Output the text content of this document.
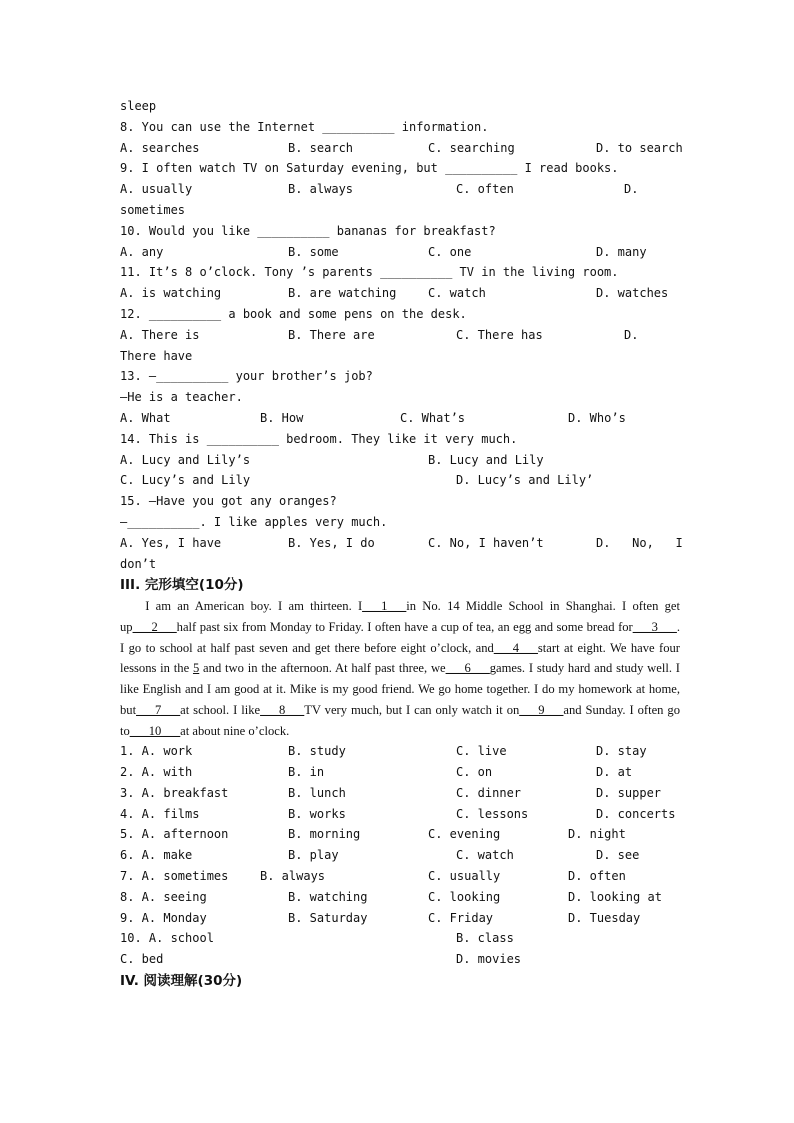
sleep
8. You can use the Internet __________ information.
A. searches	B. search	C. searching	D. to search
9. I often watch TV on Saturday evening, but __________ I read books.
A. usually	B. always	C. often	D.
sometimes
10. Would you like __________ bananas for breakfast?
A. any	B. some	C. one	D. many
11. It’s 8 o’clock. Tony ’s parents __________ TV in the living room.
A. is watching	B. are watching	C. watch	D. watches
12. __________ a book and some pens on the desk.
A. There is	B. There are	C. There has	D.
There have
13. —__________ your brother’s job?
—He is a teacher.
A. What	B. How	C. What’s	D. Who’s
14. This is __________ bedroom. They like it very much.
A. Lucy and Lily’s	B. Lucy and Lily
C. Lucy’s and Lily	D. Lucy’s and Lily’
15. —Have you got any oranges?
—__________. I like apples very much.
A. Yes, I have	B. Yes, I do	C. No, I haven’t	D.   No,   I
don’t
III. 完形填空(10分)

I am an American boy. I am thirteen. I___1___in No. 14 Middle School in Shanghai. I often get up___2___half past six from Monday to Friday. I often have a cup of tea, an egg and some bread for___3___. I go to school at half past seven and get there before eight o’clock, and___4___start at eight. We have four lessons in the 5 and two in the afternoon. At half past three, we___6___games. I study hard and study well. I like English and I am good at it. Mike is my good friend. We go home together. I do my homework at home, but___7___at school. I like___8___TV very much, but I can only watch it on___9___and Sunday. I often go to___10___at about nine o’clock.

1. A. work	B. study	C. live	D. stay
2. A. with	B. in	C. on	D. at
3. A. breakfast	B. lunch	C. dinner	D. supper
4. A. films	B. works	C. lessons	D. concerts
5. A. afternoon	B. morning	C. evening	D. night
6. A. make	B. play	C. watch	D. see
7. A. sometimes	B. always	C. usually	D. often
8. A. seeing	B. watching	C. looking	D. looking at
9. A. Monday	B. Saturday	C. Friday	D. Tuesday
10. A. school	B. class
C. bed	D. movies
IV. 阅读理解(30分)
